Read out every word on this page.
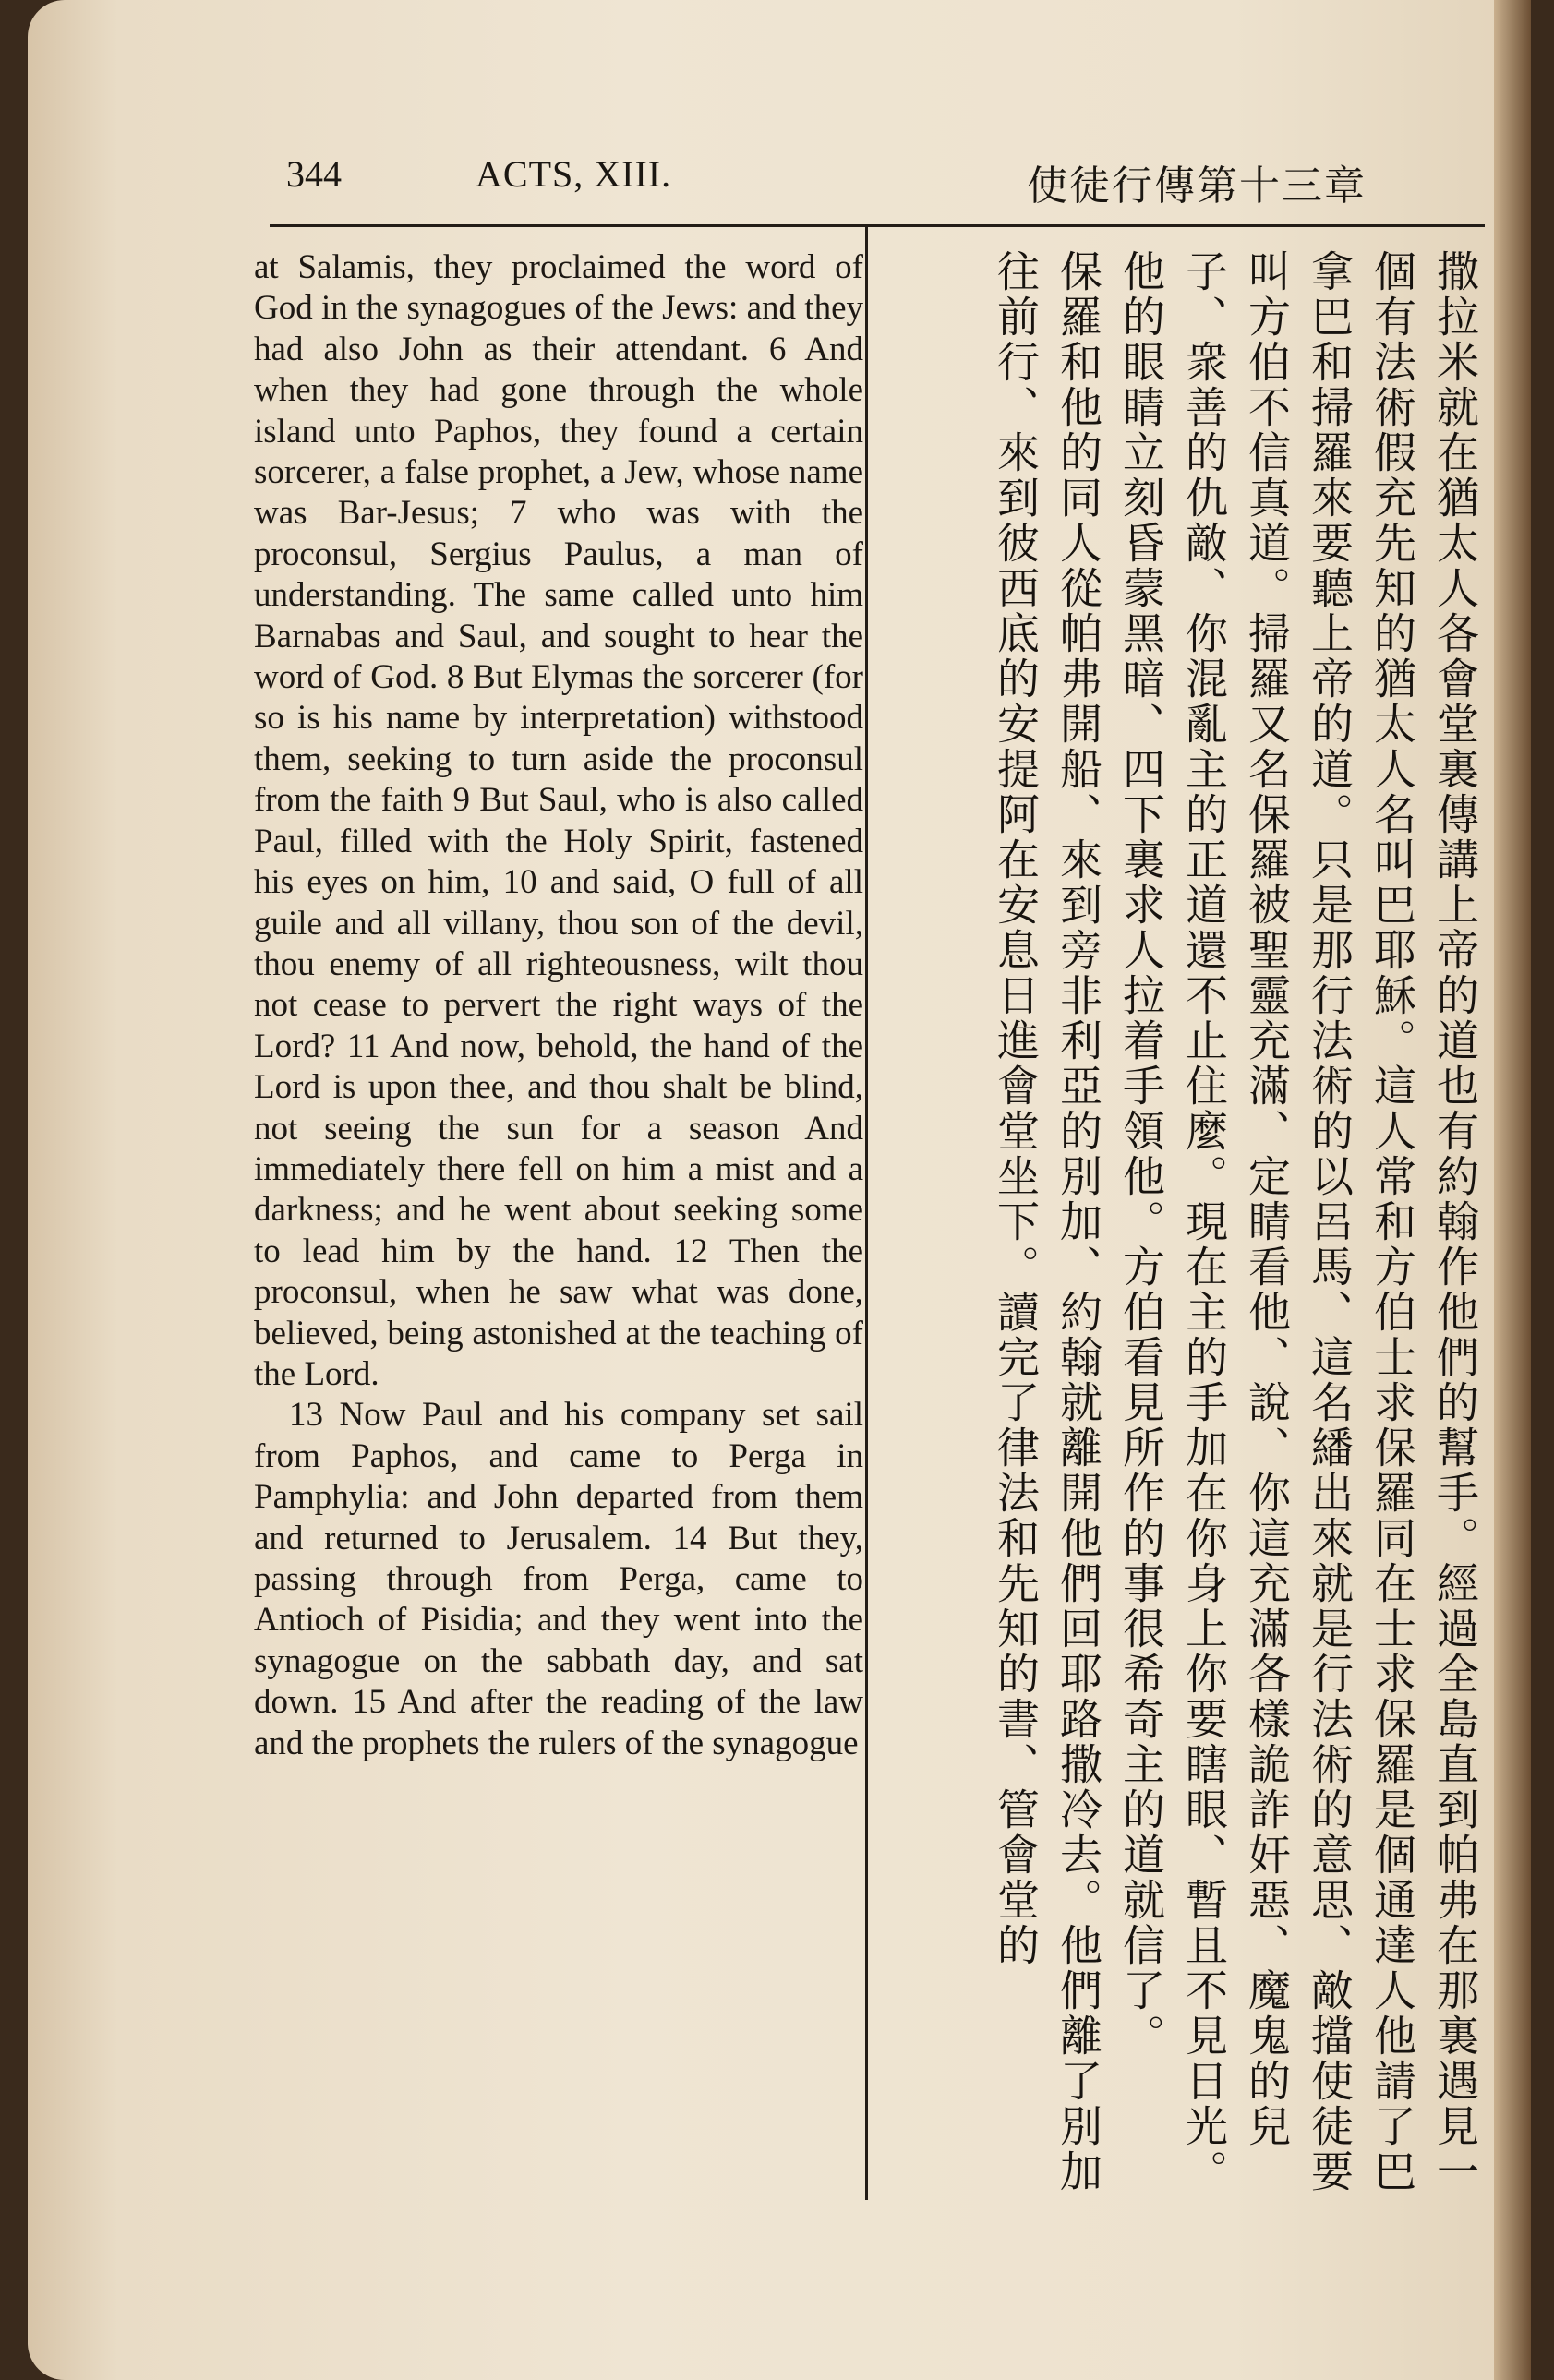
344	ACTS, XIII.	使徒行傳第十三章

at Salamis, they proclaimed the word of God in the synagogues of the Jews: and they had also John as their attendant. 6 And when they had gone through the whole island unto Paphos, they found a certain sorcerer, a false prophet, a Jew, whose name was Bar-Jesus; 7 who was with the proconsul, Sergius Paulus, a man of understanding. The same called unto him Barnabas and Saul, and sought to hear the word of God. 8 But Elymas the sorcerer (for so is his name by interpretation) withstood them, seeking to turn aside the proconsul from the faith 9 But Saul, who is also called Paul, filled with the Holy Spirit, fastened his eyes on him, 10 and said, O full of all guile and all villany, thou son of the devil, thou enemy of all righteousness, wilt thou not cease to pervert the right ways of the Lord? 11 And now, behold, the hand of the Lord is upon thee, and thou shalt be blind, not seeing the sun for a season And immediately there fell on him a mist and a darkness; and he went about seeking some to lead him by the hand. 12 Then the proconsul, when he saw what was done, believed, being astonished at the teaching of the Lord.

13 Now Paul and his company set sail from Paphos, and came to Perga in Pamphylia: and John departed from them and returned to Jerusalem. 14 But they, passing through from Perga, came to Antioch of Pisidia; and they went into the synagogue on the sabbath day, and sat down. 15 And after the reading of the law and the prophets the rulers of the synagogue	撒拉米就在猶太人各會堂裏傳講上帝的道也有約翰作他們的幫手。經過全島直到帕弗在那裏遇見一個有法術假充先知的猶太人名叫巴耶穌。這人常和方伯士求保羅同在士求保羅是個通達人他請了巴拿巴和掃羅來要聽上帝的道。只是那行法術的以呂馬、這名繙出來就是行法術的意思、敵擋使徒要叫方伯不信真道。掃羅又名保羅被聖靈充滿、定睛看他、說、你這充滿各樣詭詐奸惡、魔鬼的兒子、衆善的仇敵、你混亂主的正道還不止住麼。現在主的手加在你身上你要瞎眼、暫且不見日光。他的眼睛立刻昏蒙黑暗、四下裏求人拉着手領他。方伯看見所作的事很希奇主的道就信了。

保羅和他的同人從帕弗開船、來到旁非利亞的別加、約翰就離開他們回耶路撒冷去。他們離了別加往前行、來到彼西底的安提阿在安息日進會堂坐下。讀完了律法和先知的書、管會堂的
